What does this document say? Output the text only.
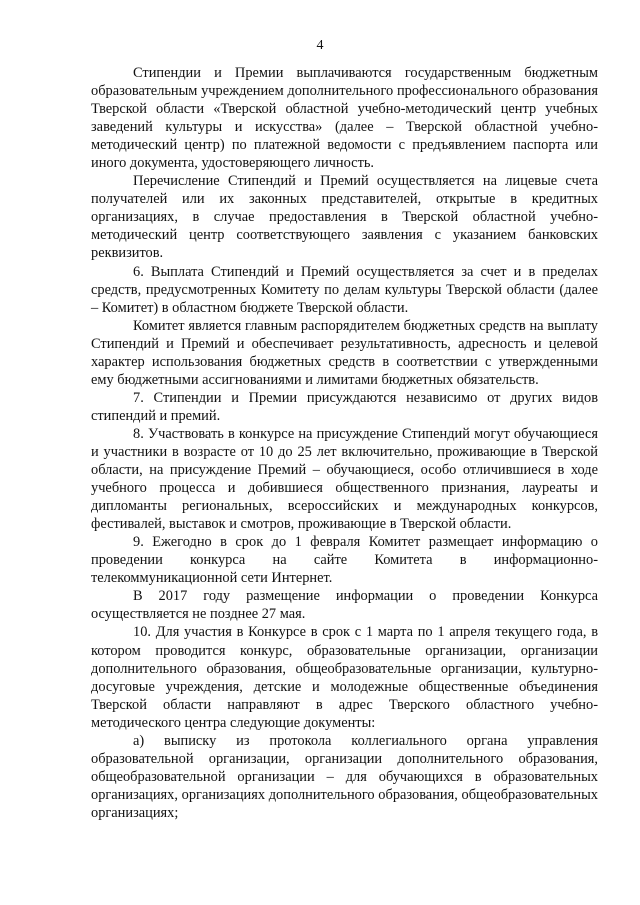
4

Стипендии и Премии выплачиваются государственным бюджетным образовательным учреждением дополнительного профессионального образования Тверской области «Тверской областной учебно-методический центр учебных заведений культуры и искусства» (далее – Тверской областной учебно-методический центр) по платежной ведомости с предъявлением паспорта или иного документа, удостоверяющего личность.

Перечисление Стипендий и Премий осуществляется на лицевые счета получателей или их законных представителей, открытые в кредитных организациях, в случае предоставления в Тверской областной учебно-методический центр соответствующего заявления с указанием банковских реквизитов.

6. Выплата Стипендий и Премий осуществляется за счет и в пределах средств, предусмотренных Комитету по делам культуры Тверской области (далее – Комитет) в областном бюджете Тверской области.

Комитет является главным распорядителем бюджетных средств на выплату Стипендий и Премий и обеспечивает результативность, адресность и целевой характер использования бюджетных средств в соответствии с утвержденными ему бюджетными ассигнованиями и лимитами бюджетных обязательств.

7. Стипендии и Премии присуждаются независимо от других видов стипендий и премий.

8. Участвовать в конкурсе на присуждение Стипендий могут обучающиеся и участники в возрасте от 10 до 25 лет включительно, проживающие в Тверской области, на присуждение Премий – обучающиеся, особо отличившиеся в ходе учебного процесса и добившиеся общественного признания, лауреаты и дипломанты региональных, всероссийских и международных конкурсов, фестивалей, выставок и смотров, проживающие в Тверской области.

9. Ежегодно в срок до 1 февраля Комитет размещает информацию о проведении конкурса на сайте Комитета в информационно-телекоммуникационной сети Интернет.

В 2017 году размещение информации о проведении Конкурса осуществляется не позднее 27 мая.

10. Для участия в Конкурсе в срок с 1 марта по 1 апреля текущего года, в котором проводится конкурс, образовательные организации, организации дополнительного образования, общеобразовательные организации, культурно-досуговые учреждения, детские и молодежные общественные объединения Тверской области направляют в адрес Тверского областного учебно-методического центра следующие документы:

а) выписку из протокола коллегиального органа управления образовательной организации, организации дополнительного образования, общеобразовательной организации – для обучающихся в образовательных организациях, организациях дополнительного образования, общеобразовательных организациях;
